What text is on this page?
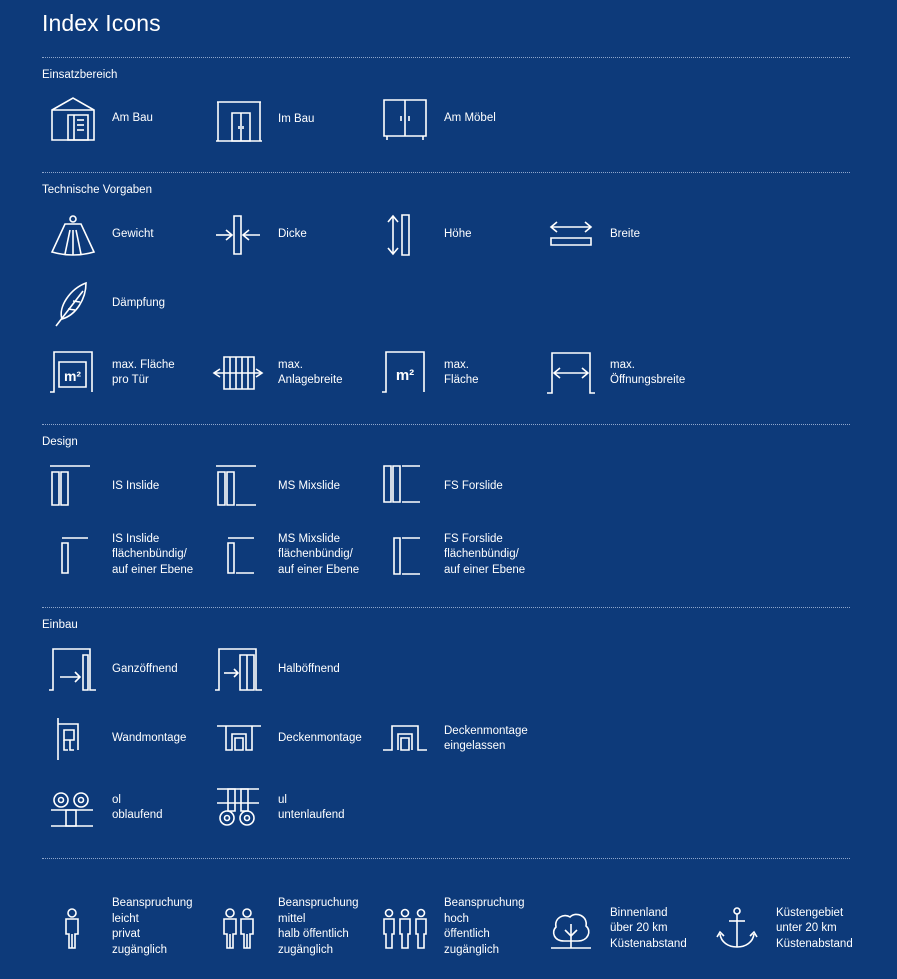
Index Icons
Einsatzbereich
Am Bau	Im Bau	Am Möbel
Technische Vorgaben
Gewicht	Dicke	Höhe	Breite
Dämpfung
m²
max. Fläche
pro Tür
max.
Anlagebreite	m²
max.
Fläche
max.
Öffnungsbreite
Design
IS Inslide	MS Mixslide	FS Forslide
IS Inslide
flächenbündig/
auf einer Ebene
MS Mixslide
flächenbündig/
auf einer Ebene
FS Forslide
flächenbündig/
auf einer Ebene
Einbau
Ganzöffnend	Halböffnend
Wandmontage	Deckenmontage
Deckenmontage
eingelassen
ol
oblaufend
ul
untenlaufend
Beanspruchung
leicht
privat
zugänglich
Beanspruchung
mittel
halb öffentlich
zugänglich
Beanspruchung
hoch
öffentlich
zugänglich
Binnenland
über 20 km
Küstenabstand
Küstengebiet
unter 20 km
Küstenabstand
